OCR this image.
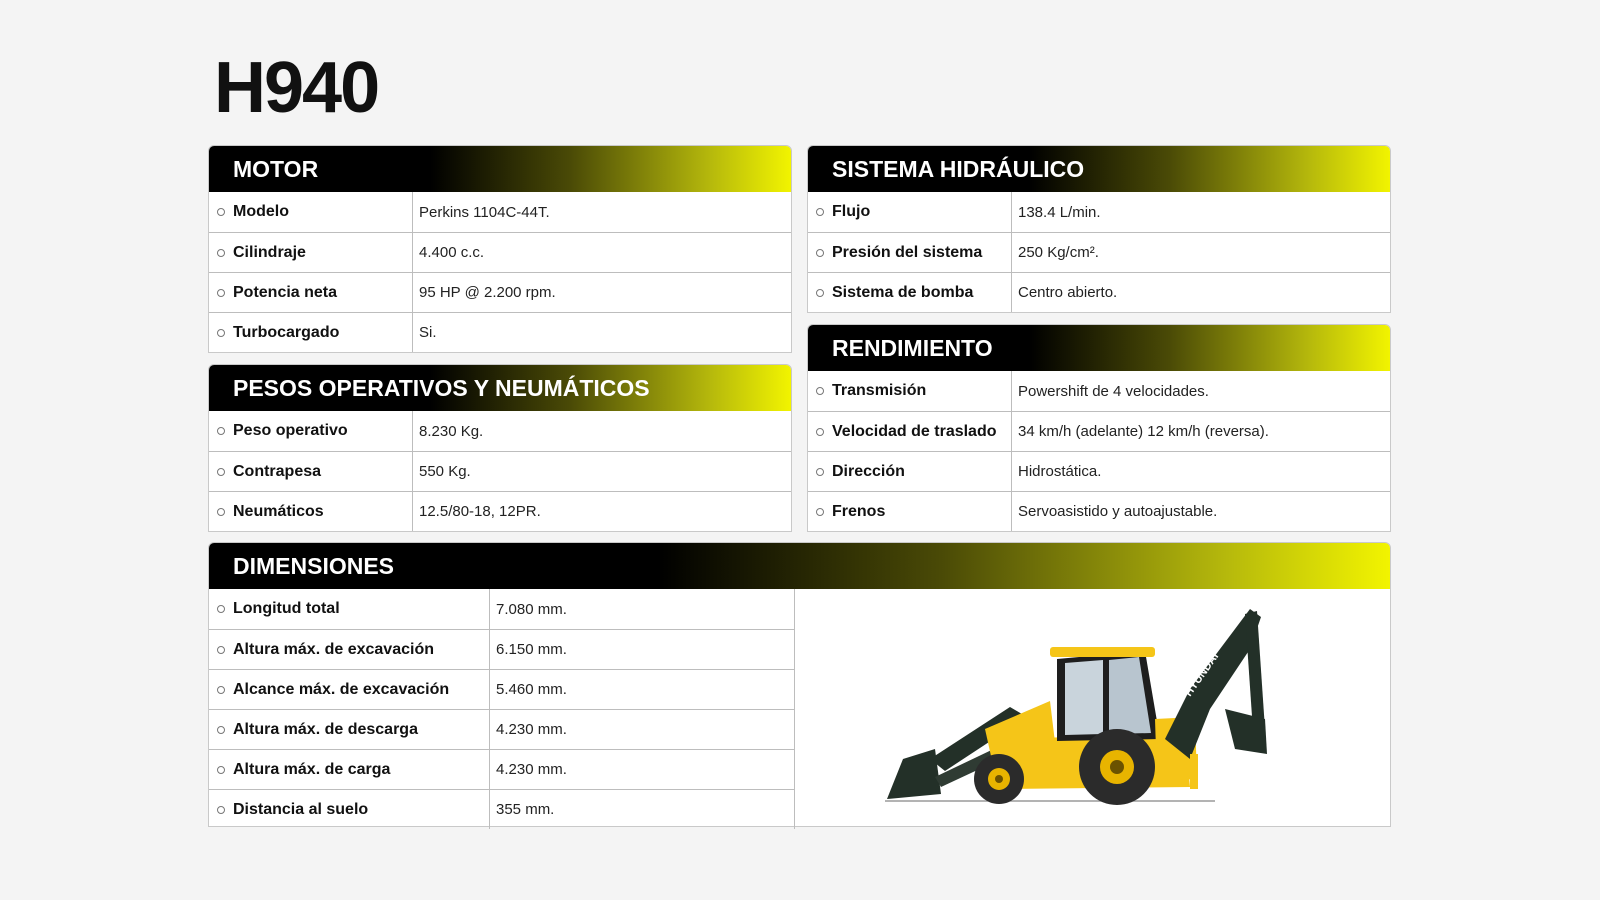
H940
MOTOR
Modelo	Perkins 1104C-44T.
Cilindraje	4.400 c.c.
Potencia neta	95 HP @ 2.200 rpm.
Turbocargado	Si.
PESOS OPERATIVOS Y NEUMÁTICOS
Peso operativo	8.230 Kg.
Contrapesa	550 Kg.
Neumáticos	12.5/80-18, 12PR.
SISTEMA HIDRÁULICO
Flujo	138.4 L/min.
Presión del sistema	250 Kg/cm².
Sistema de bomba	Centro abierto.
RENDIMIENTO
Transmisión	Powershift de 4 velocidades.
Velocidad de traslado	34 km/h (adelante) 12 km/h (reversa).
Dirección	Hidrostática.
Frenos	Servoasistido y autoajustable.
DIMENSIONES
Longitud total	7.080 mm.
Altura máx. de excavación	6.150 mm.
Alcance máx. de excavación	5.460 mm.
Altura máx. de descarga	4.230 mm.
Altura máx. de carga	4.230 mm.
Distancia al suelo	355 mm.
HYUNDAI
